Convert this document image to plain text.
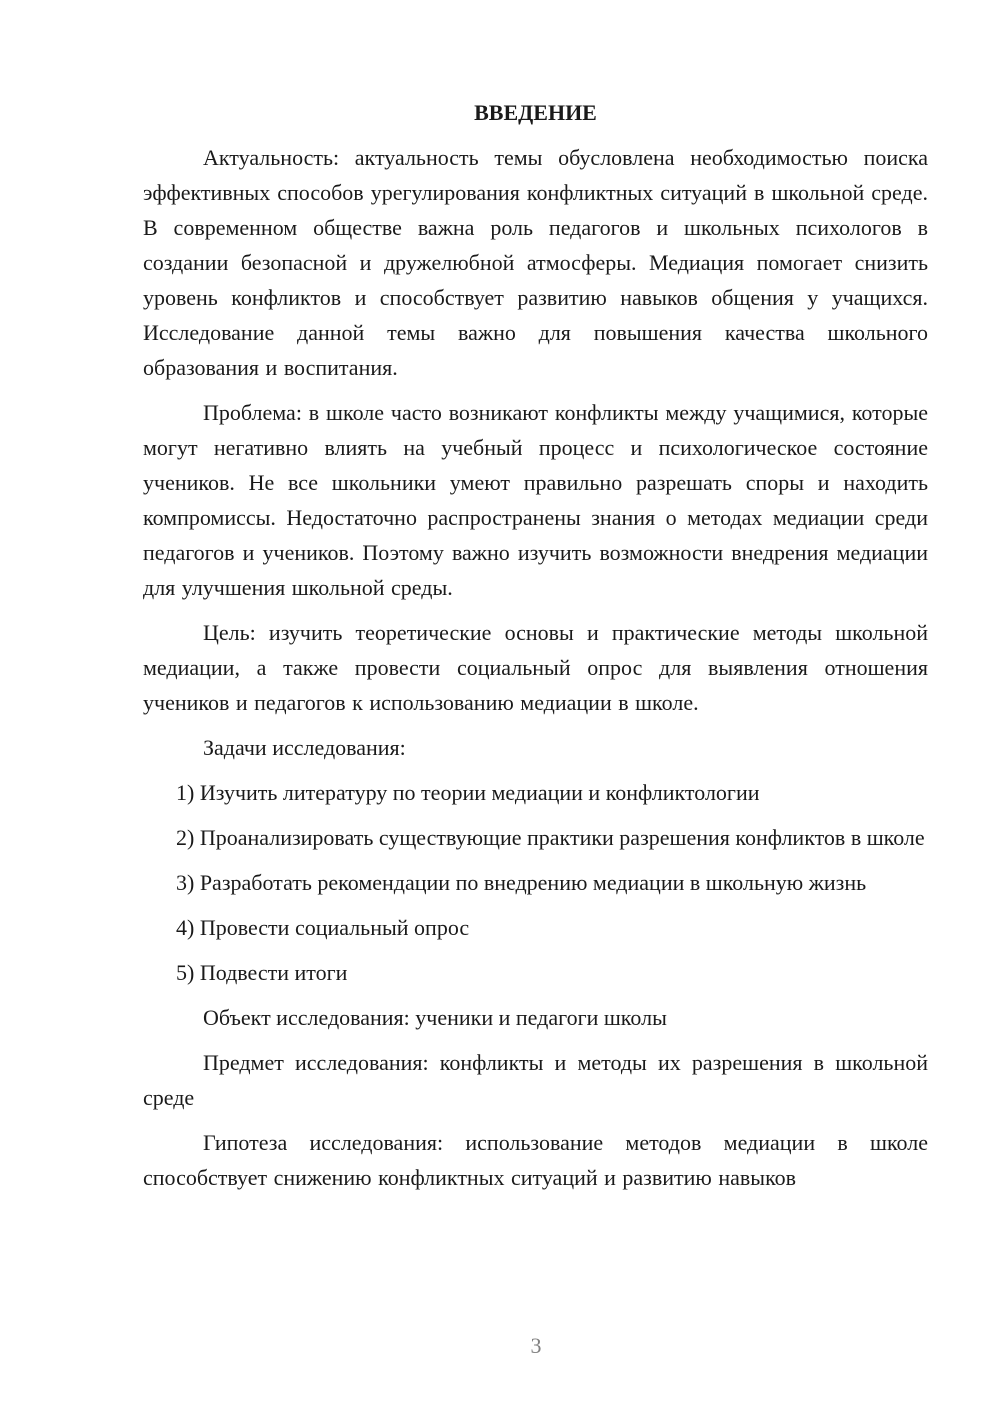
ВВЕДЕНИЕ

Актуальность: актуальность темы обусловлена необходимостью поиска эффективных способов урегулирования конфликтных ситуаций в школьной среде. В современном обществе важна роль педагогов и школьных психологов в создании безопасной и дружелюбной атмосферы. Медиация помогает снизить уровень конфликтов и способствует развитию навыков общения у учащихся. Исследование данной темы важно для повышения качества школьного образования и воспитания.

Проблема: в школе часто возникают конфликты между учащимися, которые могут негативно влиять на учебный процесс и психологическое состояние учеников. Не все школьники умеют правильно разрешать споры и находить компромиссы. Недостаточно распространены знания о методах медиации среди педагогов и учеников. Поэтому важно изучить возможности внедрения медиации для улучшения школьной среды.

Цель: изучить теоретические основы и практические методы школьной медиации, а также провести социальный опрос для выявления отношения учеников и педагогов к использованию медиации в школе.

Задачи исследования:

1) Изучить литературу по теории медиации и конфликтологии

2) Проанализировать существующие практики разрешения конфликтов в школе

3) Разработать рекомендации по внедрению медиации в школьную жизнь

4) Провести социальный опрос

5) Подвести итоги

Объект исследования: ученики и педагоги школы

Предмет исследования: конфликты и методы их разрешения в школьной среде

Гипотеза исследования: использование методов медиации в школе способствует снижению конфликтных ситуаций и развитию навыков

3
